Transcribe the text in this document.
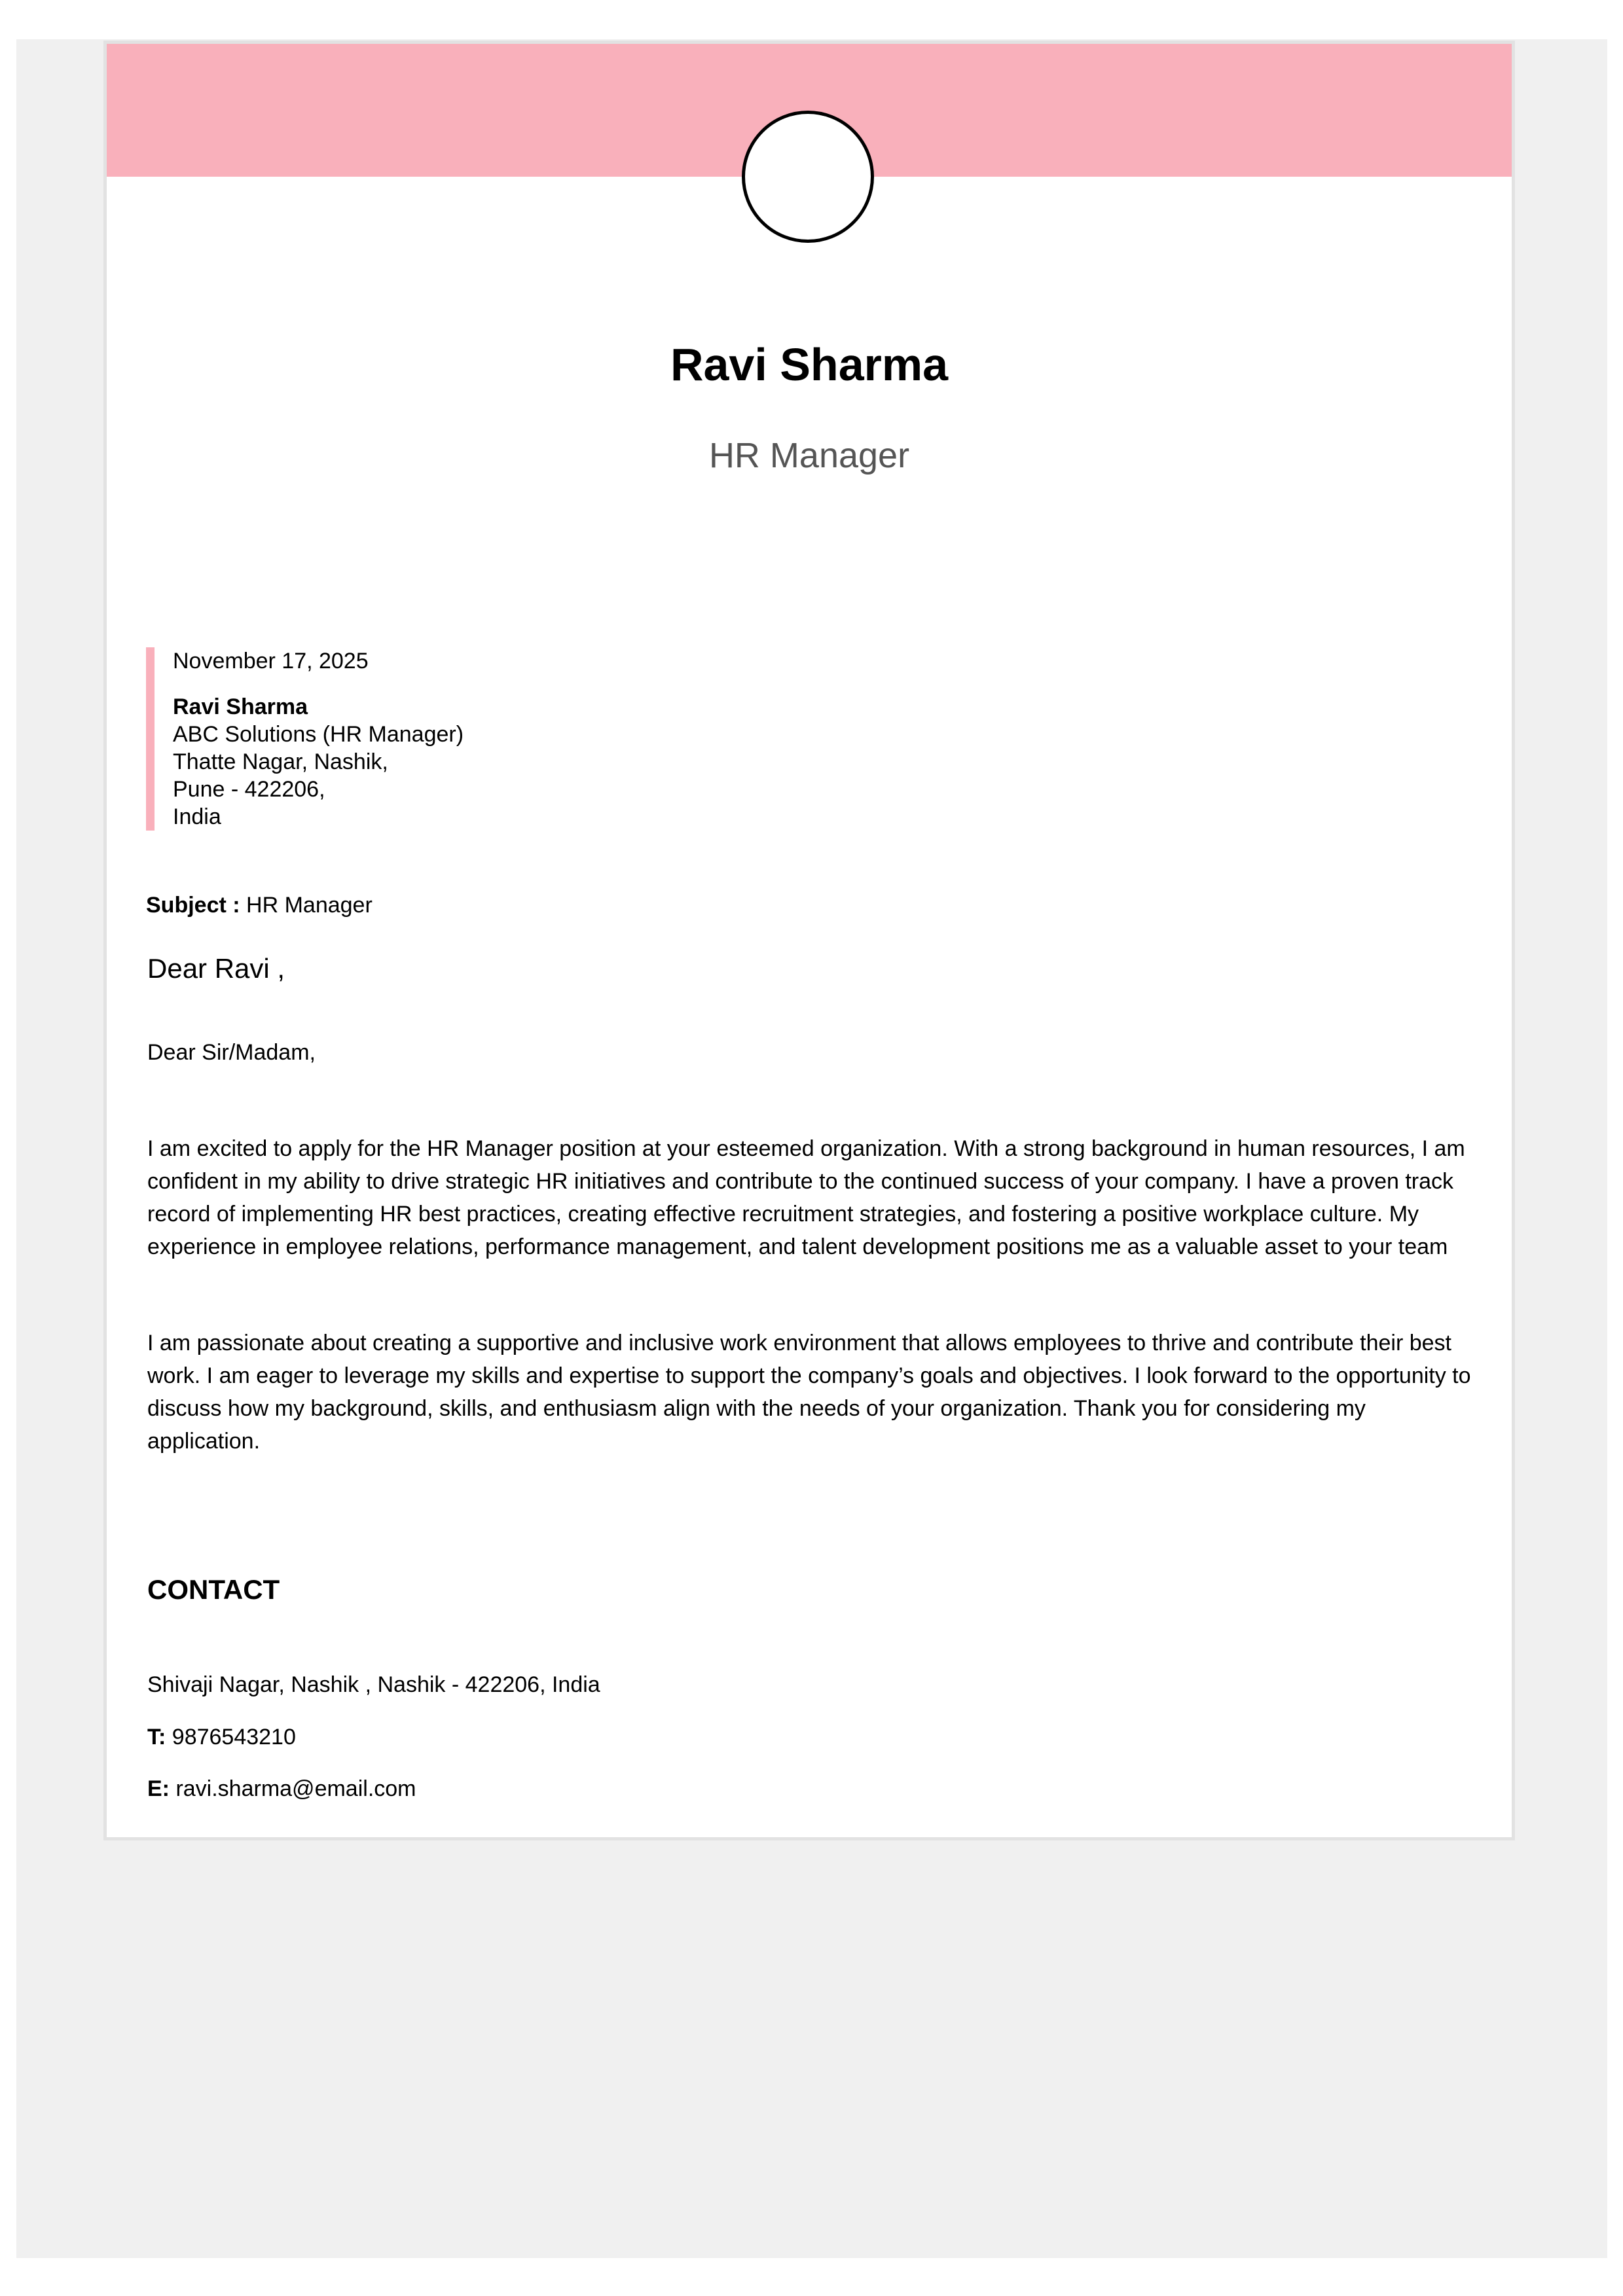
Ravi Sharma
HR Manager
November 17, 2025
Ravi Sharma
ABC Solutions (HR Manager)
Thatte Nagar, Nashik,
Pune - 422206,
India
Subject : HR Manager
Dear Ravi ,
Dear Sir/Madam,
I am excited to apply for the HR Manager position at your esteemed organization. With a strong background in human resources, I am confident in my ability to drive strategic HR initiatives and contribute to the continued success of your company. I have a proven track record of implementing HR best practices, creating effective recruitment strategies, and fostering a positive workplace culture. My experience in employee relations, performance management, and talent development positions me as a valuable asset to your team
I am passionate about creating a supportive and inclusive work environment that allows employees to thrive and contribute their best work. I am eager to leverage my skills and expertise to support the company’s goals and objectives. I look forward to the opportunity to discuss how my background, skills, and enthusiasm align with the needs of your organization. Thank you for considering my application.
CONTACT
Shivaji Nagar, Nashik , Nashik - 422206, India
T: 9876543210
E: ravi.sharma@email.com
